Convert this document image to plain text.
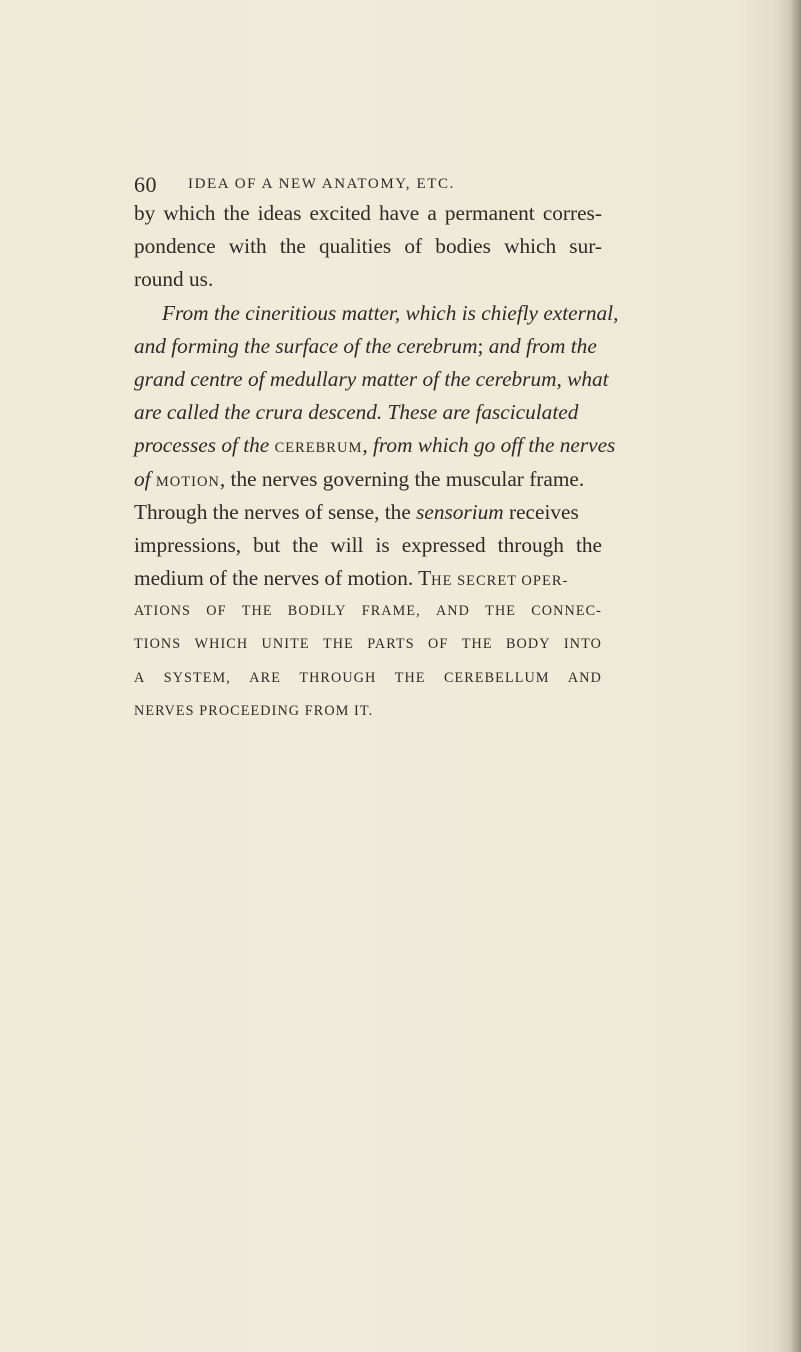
60 IDEA OF A NEW ANATOMY, ETC.
by which the ideas excited have a permanent corres-
pondence with the qualities of bodies which sur-
round us.
From the cineritious matter, which is chiefly external,
and forming the surface of the cerebrum; and from the
grand centre of medullary matter of the cerebrum, what
are called the crura descend. These are fasciculated
processes of the CEREBRUM, from which go off the nerves
of MOTION, the nerves governing the muscular frame.
Through the nerves of sense, the sensorium receives
impressions, but the will is expressed through the
medium of the nerves of motion. THE SECRET OPER-
ATIONS OF THE BODILY FRAME, AND THE CONNEC-
TIONS WHICH UNITE THE PARTS OF THE BODY INTO
A SYSTEM, ARE THROUGH THE CEREBELLUM AND
NERVES PROCEEDING FROM IT.
